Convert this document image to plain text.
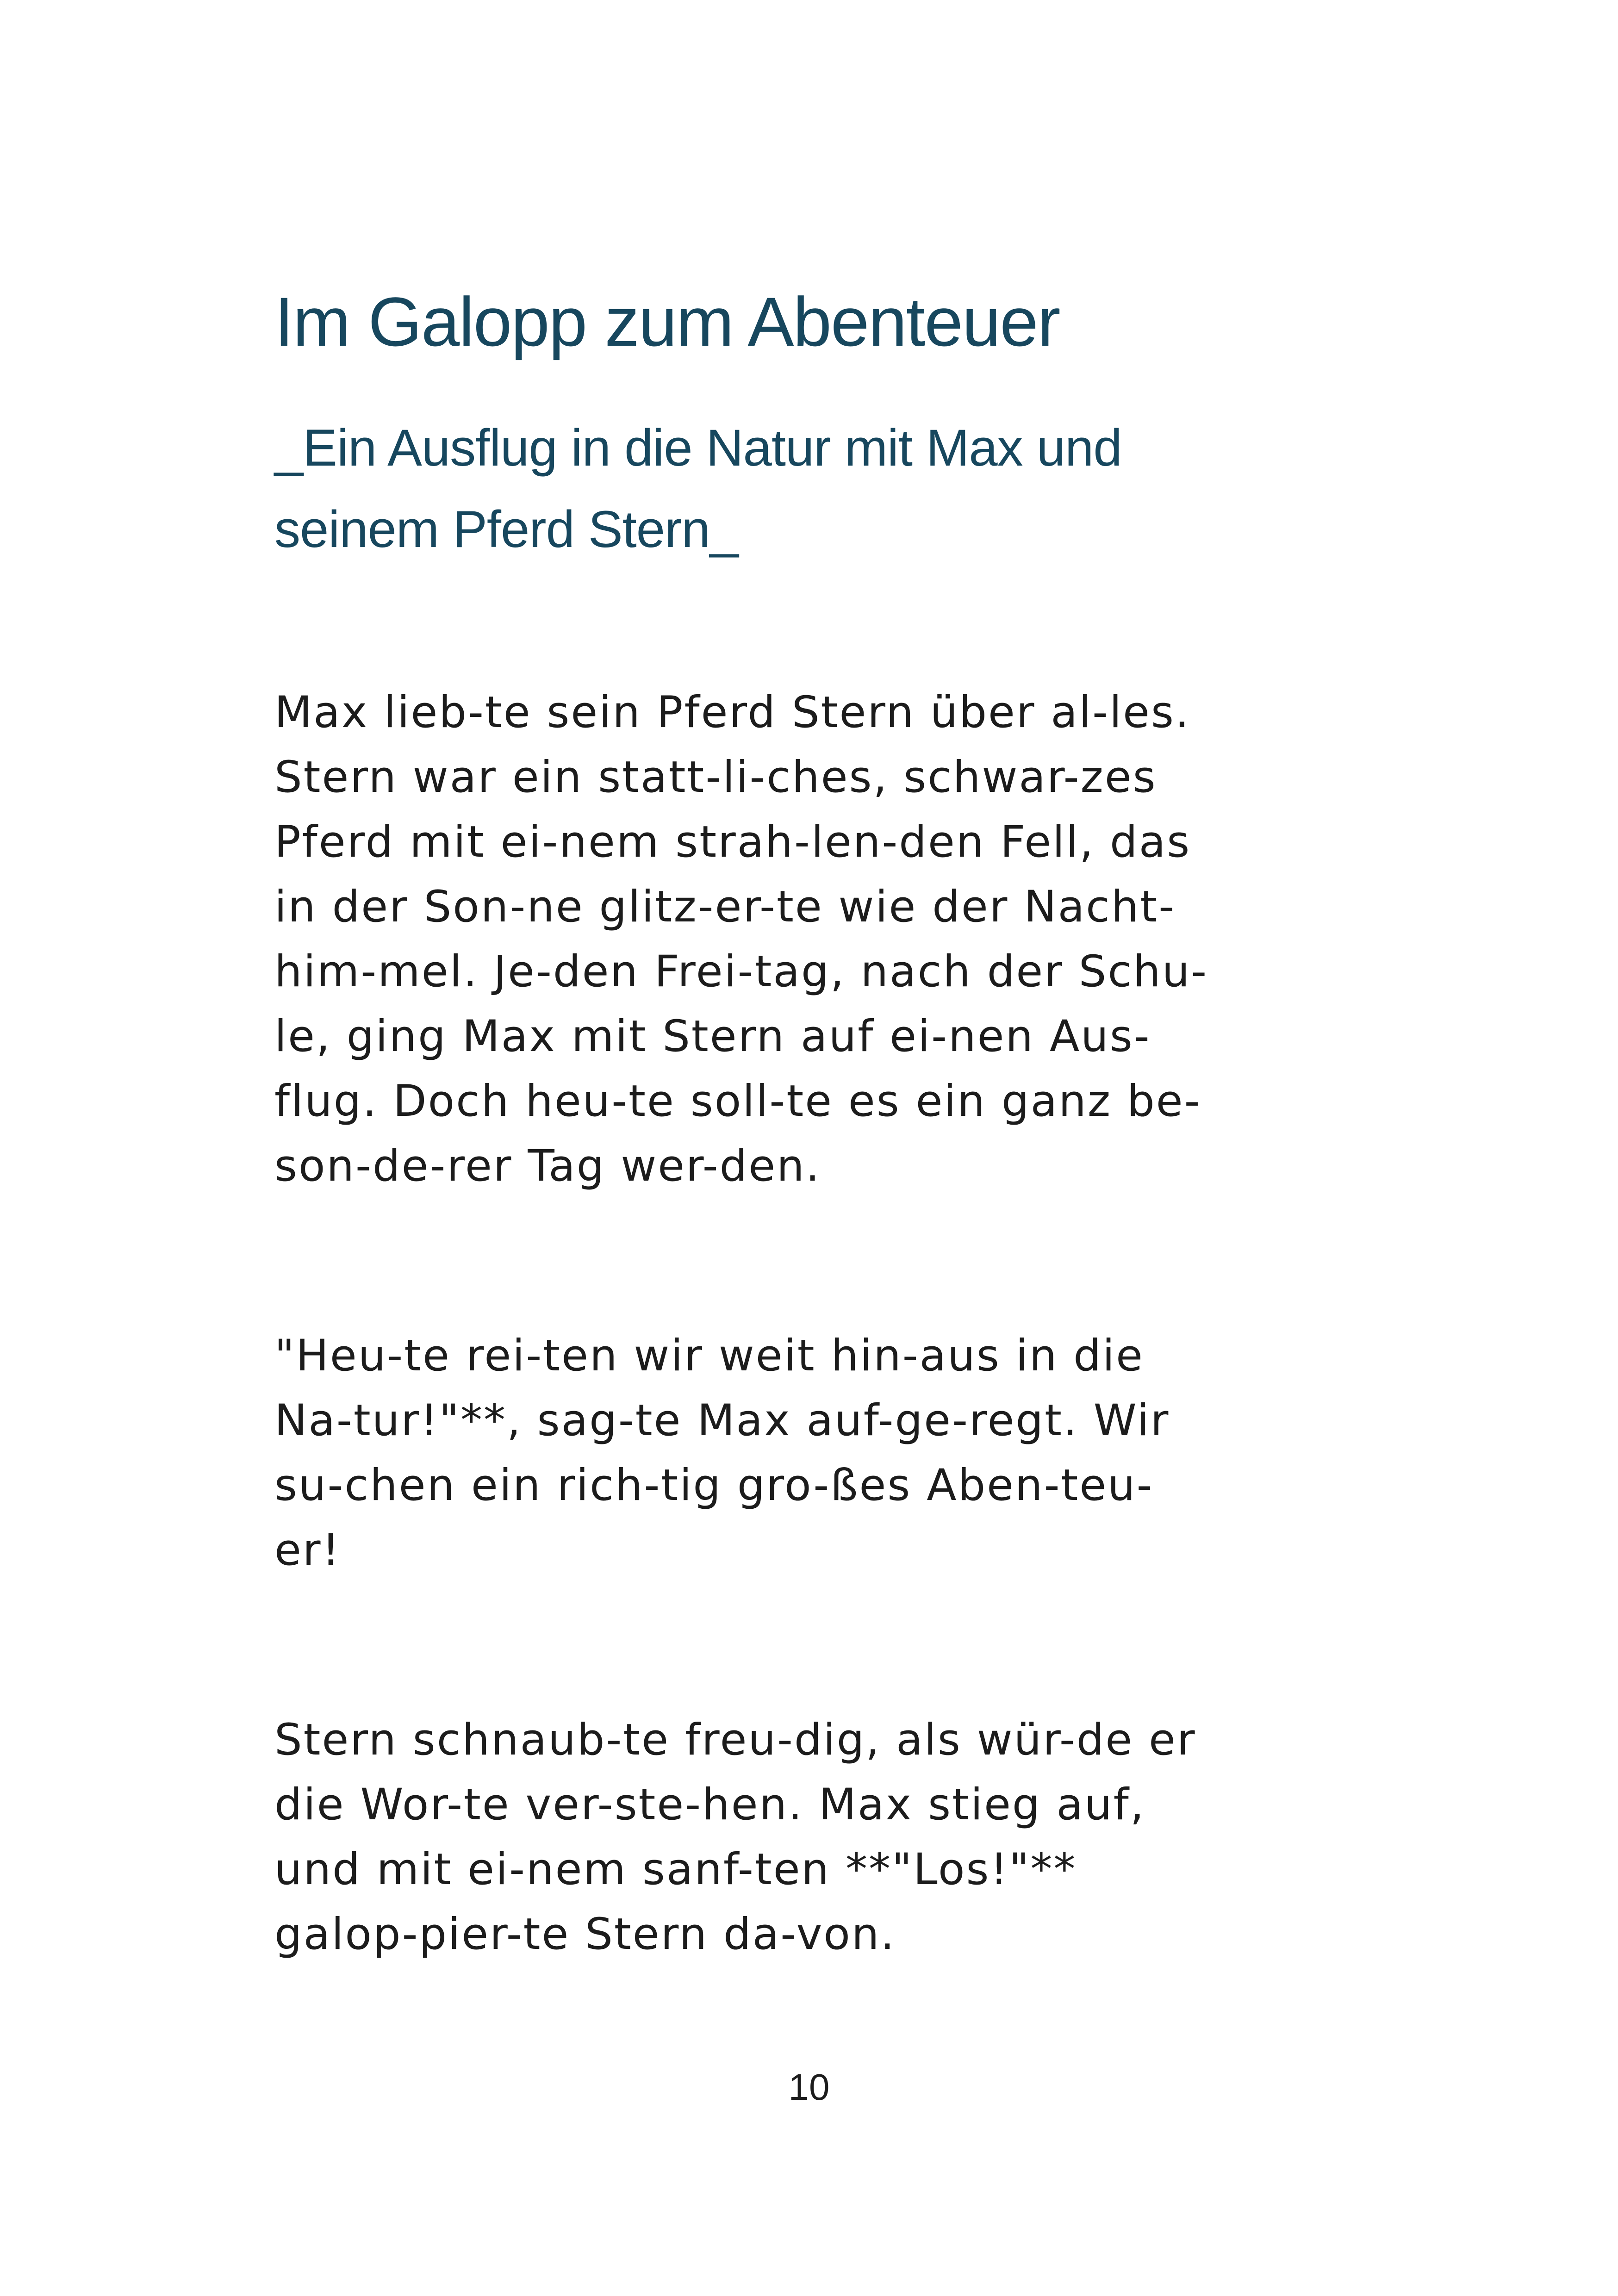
Im Galopp zum Abenteuer
_Ein Ausflug in die Natur mit Max und
seinem Pferd Stern_

Max lieb-te sein Pferd Stern über al-les.
Stern war ein statt-li-ches, schwar-zes
Pferd mit ei-nem strah-len-den Fell, das
in der Son-ne glitz-er-te wie der Nacht-
him-mel. Je-den Frei-tag, nach der Schu-
le, ging Max mit Stern auf ei-nen Aus-
flug. Doch heu-te soll-te es ein ganz be-
son-de-rer Tag wer-den.

"Heu-te rei-ten wir weit hin-aus in die
Na-tur!"**, sag-te Max auf-ge-regt. Wir
su-chen ein rich-tig gro-ßes Aben-teu-
er!

Stern schnaub-te freu-dig, als wür-de er
die Wor-te ver-ste-hen. Max stieg auf,
und mit ei-nem sanf-ten **"Los!"**
galop-pier-te Stern da-von.

10
